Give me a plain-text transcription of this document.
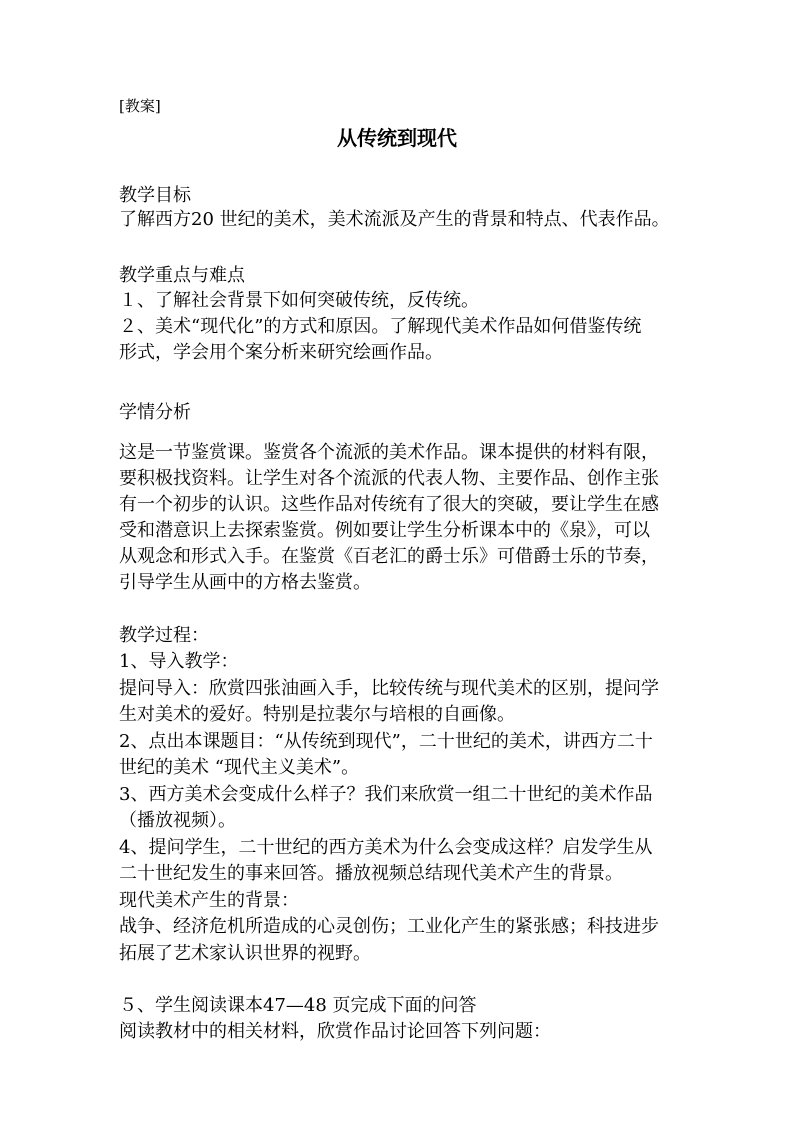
[教案]
从传统到现代
教学目标
了解西方20 世纪的美术，美术流派及产生的背景和特点、代表作品。
教学重点与难点
１、了解社会背景下如何突破传统，反传统。
２、美术“现代化”的方式和原因。了解现代美术作品如何借鉴传统
形式，学会用个案分析来研究绘画作品。
学情分析
这是一节鉴赏课。鉴赏各个流派的美术作品。课本提供的材料有限，
要积极找资料。让学生对各个流派的代表人物、主要作品、创作主张
有一个初步的认识。这些作品对传统有了很大的突破，要让学生在感
受和潜意识上去探索鉴赏。例如要让学生分析课本中的《泉》，可以
从观念和形式入手。在鉴赏《百老汇的爵士乐》可借爵士乐的节奏，
引导学生从画中的方格去鉴赏。
教学过程：
1、导入教学：
提问导入：欣赏四张油画入手，比较传统与现代美术的区别，提问学
生对美术的爱好。特别是拉裴尔与培根的自画像。
2、点出本课题目：“从传统到现代”，二十世纪的美术，讲西方二十
世纪的美术 “现代主义美术”。
3、西方美术会变成什么样子？我们来欣赏一组二十世纪的美术作品
（播放视频）。
4、提问学生，二十世纪的西方美术为什么会变成这样？启发学生从
二十世纪发生的事来回答。播放视频总结现代美术产生的背景。
现代美术产生的背景：
战争、经济危机所造成的心灵创伤；工业化产生的紧张感；科技进步
拓展了艺术家认识世界的视野。
５、学生阅读课本47—48 页完成下面的问答
阅读教材中的相关材料，欣赏作品讨论回答下列问题：
